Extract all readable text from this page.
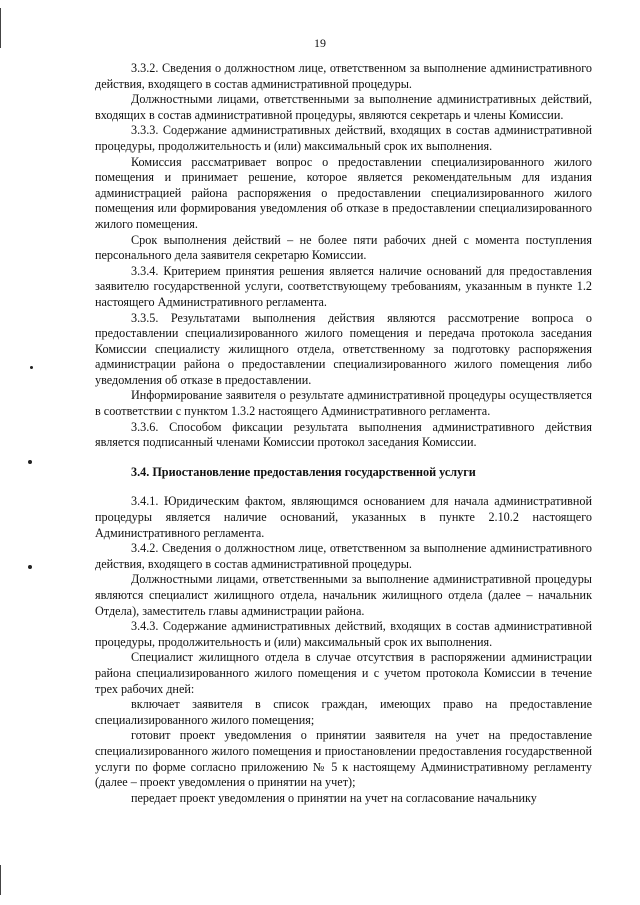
19

3.3.2. Сведения о должностном лице, ответственном за выполнение административного действия, входящего в состав административной процедуры.

Должностными лицами, ответственными за выполнение административных действий, входящих в состав административной процедуры, являются секретарь и члены Комиссии.

3.3.3. Содержание административных действий, входящих в состав административной процедуры, продолжительность и (или) максимальный срок их выполнения.

Комиссия рассматривает вопрос о предоставлении специализированного жилого помещения и принимает решение, которое является рекомендательным для издания администрацией района распоряжения о предоставлении специализированного жилого помещения или формирования уведомления об отказе в предоставлении специализированного жилого помещения.

Срок выполнения действий – не более пяти рабочих дней с момента поступления персонального дела заявителя секретарю Комиссии.

3.3.4. Критерием принятия решения является наличие оснований для предоставления заявителю государственной услуги, соответствующему требованиям, указанным в пункте 1.2 настоящего Административного регламента.

3.3.5. Результатами выполнения действия являются рассмотрение вопроса о предоставлении специализированного жилого помещения и передача протокола заседания Комиссии специалисту жилищного отдела, ответственному за подготовку распоряжения администрации района о предоставлении специализированного жилого помещения либо уведомления об отказе в предоставлении.

Информирование заявителя о результате административной процедуры осуществляется в соответствии с пунктом 1.3.2 настоящего Административного регламента.

3.3.6. Способом фиксации результата выполнения административного действия является подписанный членами Комиссии протокол заседания Комиссии.

3.4. Приостановление предоставления государственной услуги

3.4.1. Юридическим фактом, являющимся основанием для начала административной процедуры является наличие оснований, указанных в пункте 2.10.2 настоящего Административного регламента.

3.4.2. Сведения о должностном лице, ответственном за выполнение административного действия, входящего в состав административной процедуры.

Должностными лицами, ответственными за выполнение административной процедуры являются специалист жилищного отдела, начальник жилищного отдела (далее – начальник Отдела), заместитель главы администрации района.

3.4.3. Содержание административных действий, входящих в состав административной процедуры, продолжительность и (или) максимальный срок их выполнения.

Специалист жилищного отдела в случае отсутствия в распоряжении администрации района специализированного жилого помещения и с учетом протокола Комиссии в течение трех рабочих дней:

включает заявителя в список граждан, имеющих право на предоставление специализированного жилого помещения;

готовит проект уведомления о принятии заявителя на учет на предоставление специализированного жилого помещения и приостановлении предоставления государственной услуги по форме согласно приложению № 5 к настоящему Административному регламенту (далее – проект уведомления о принятии на учет);

передает проект уведомления о принятии на учет на согласование начальнику
